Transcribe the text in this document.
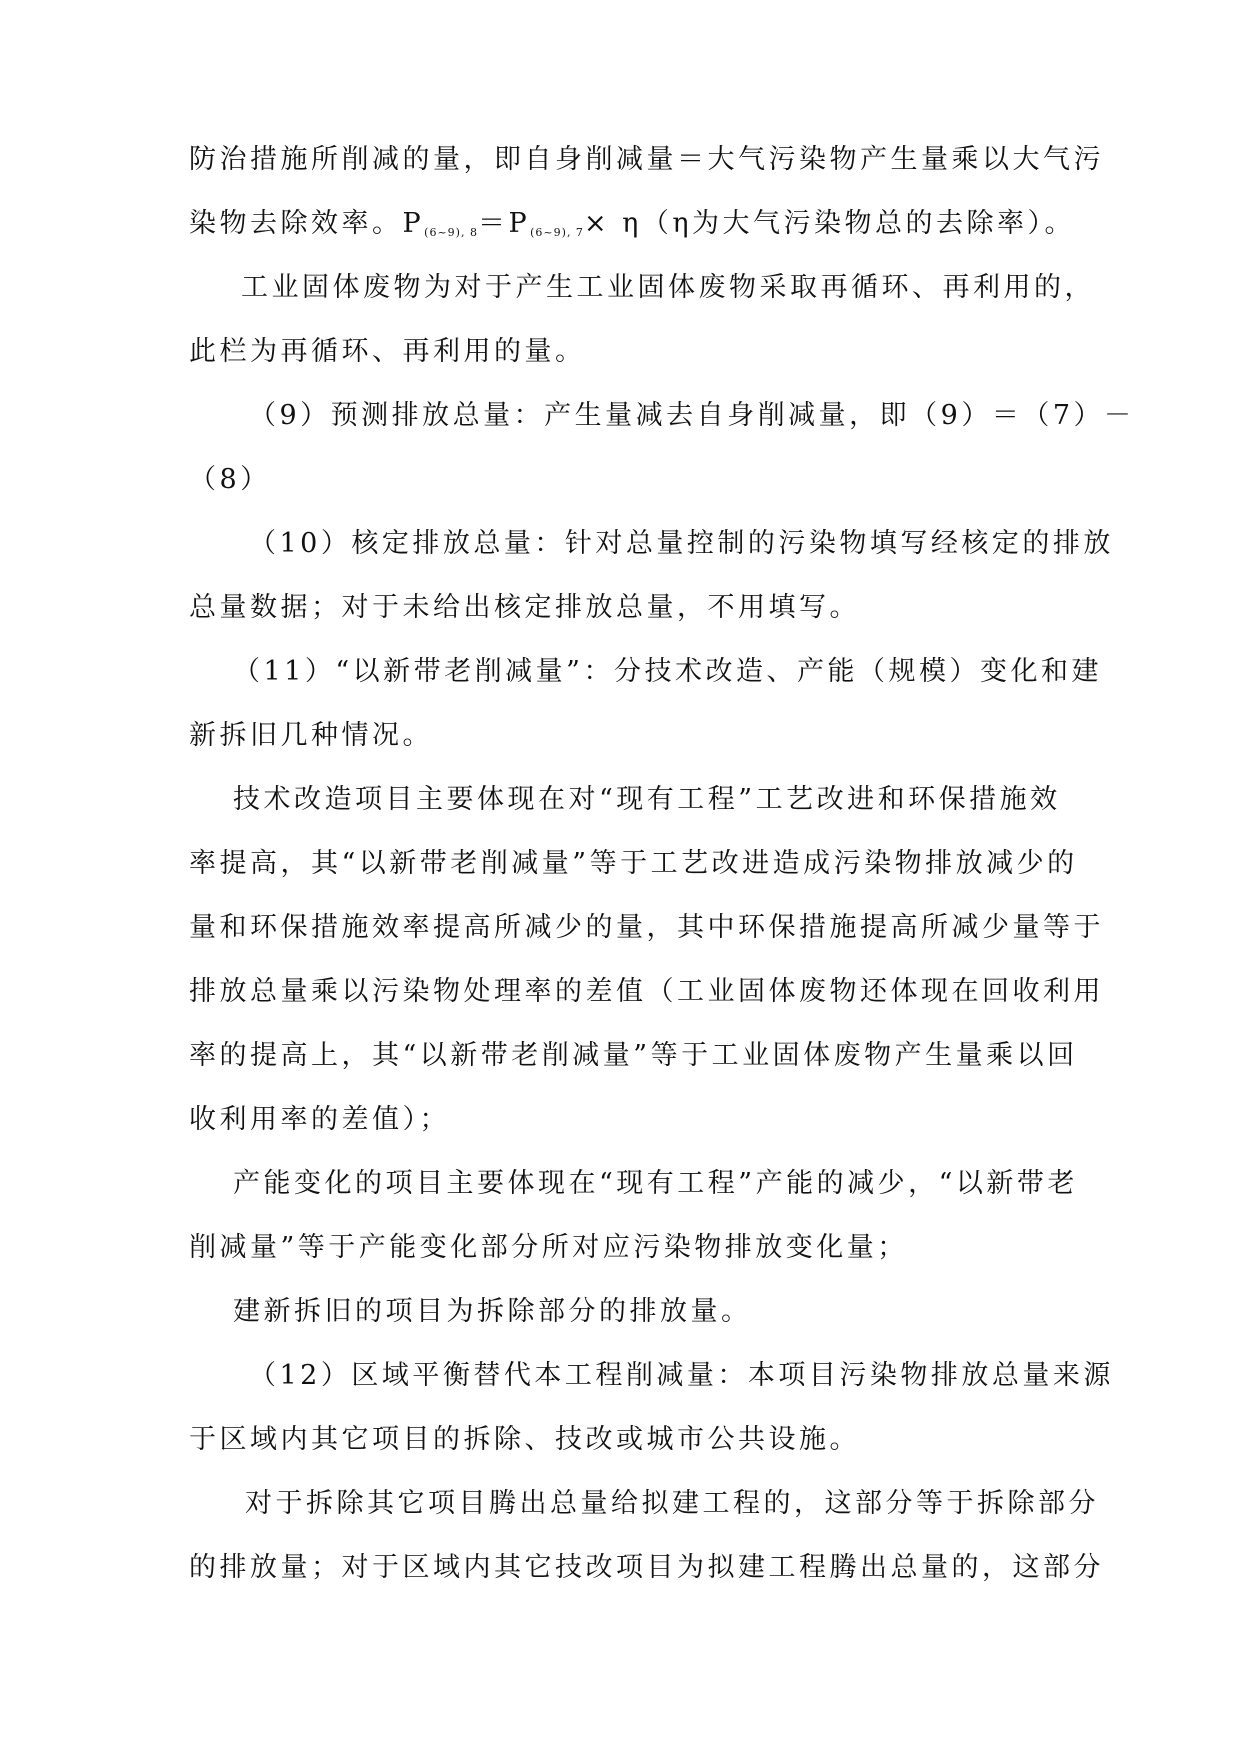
防治措施所削减的量，即自身削减量＝大气污染物产生量乘以大气污
染物去除效率。$P_{(6\sim 9), 8}=P_{(6\sim 9), 7}\times \eta(\eta$为大气污染物总的去除率）。
工业固体废物为对于产生工业固体废物采取再循环、再利用的，
此栏为再循环、再利用的量。
（9）预测排放总量：产生量减去自身削减量，即（9）＝（7）－
（8）
（10）核定排放总量：针对总量控制的污染物填写经核定的排放
总量数据；对于未给出核定排放总量，不用填写。
（11）“以新带老削减量”：分技术改造、产能（规模）变化和建
新拆旧几种情况。
技术改造项目主要体现在对“现有工程”工艺改进和环保措施效
率提高，其“以新带老削减量”等于工艺改进造成污染物排放减少的
量和环保措施效率提高所减少的量，其中环保措施提高所减少量等于
排放总量乘以污染物处理率的差值（工业固体废物还体现在回收利用
率的提高上，其“以新带老削减量”等于工业固体废物产生量乘以回
收利用率的差值）；
产能变化的项目主要体现在“现有工程”产能的减少，“以新带老
削减量”等于产能变化部分所对应污染物排放变化量；
建新拆旧的项目为拆除部分的排放量。
（12）区域平衡替代本工程削减量：本项目污染物排放总量来源
于区域内其它项目的拆除、技改或城市公共设施。
对于拆除其它项目腾出总量给拟建工程的，这部分等于拆除部分
的排放量；对于区域内其它技改项目为拟建工程腾出总量的，这部分
